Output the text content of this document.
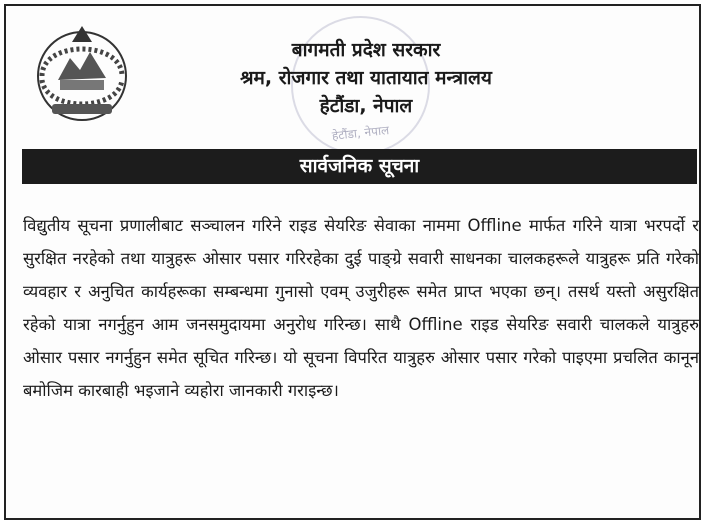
हेटौंडा, नेपाल
बागमती प्रदेश सरकार
श्रम, रोजगार तथा यातायात मन्त्रालय
हेटौंडा, नेपाल
सार्वजनिक सूचना
विद्युतीय सूचना प्रणालीबाट सञ्चालन गरिने राइड सेयरिङ सेवाका नाममा Offline मार्फत गरिने यात्रा भरपर्दो र सुरक्षित नरहेको तथा यात्रुहरू ओसार पसार गरिरहेका दुई पाङ्ग्रे सवारी साधनका चालकहरूले यात्रुहरू प्रति गरेको व्यवहार र अनुचित कार्यहरूका सम्बन्धमा गुनासो एवम् उजुरीहरू समेत प्राप्त भएका छन्। तसर्थ यस्तो असुरक्षित रहेको यात्रा नगर्नुहुन आम जनसमुदायमा अनुरोध गरिन्छ। साथै Offline राइड सेयरिङ सवारी चालकले यात्रुहरु ओसार पसार नगर्नुहुन समेत सूचित गरिन्छ। यो सूचना विपरित यात्रुहरु ओसार पसार गरेको पाइएमा प्रचलित कानून बमोजिम कारबाही भइजाने व्यहोरा जानकारी गराइन्छ।
